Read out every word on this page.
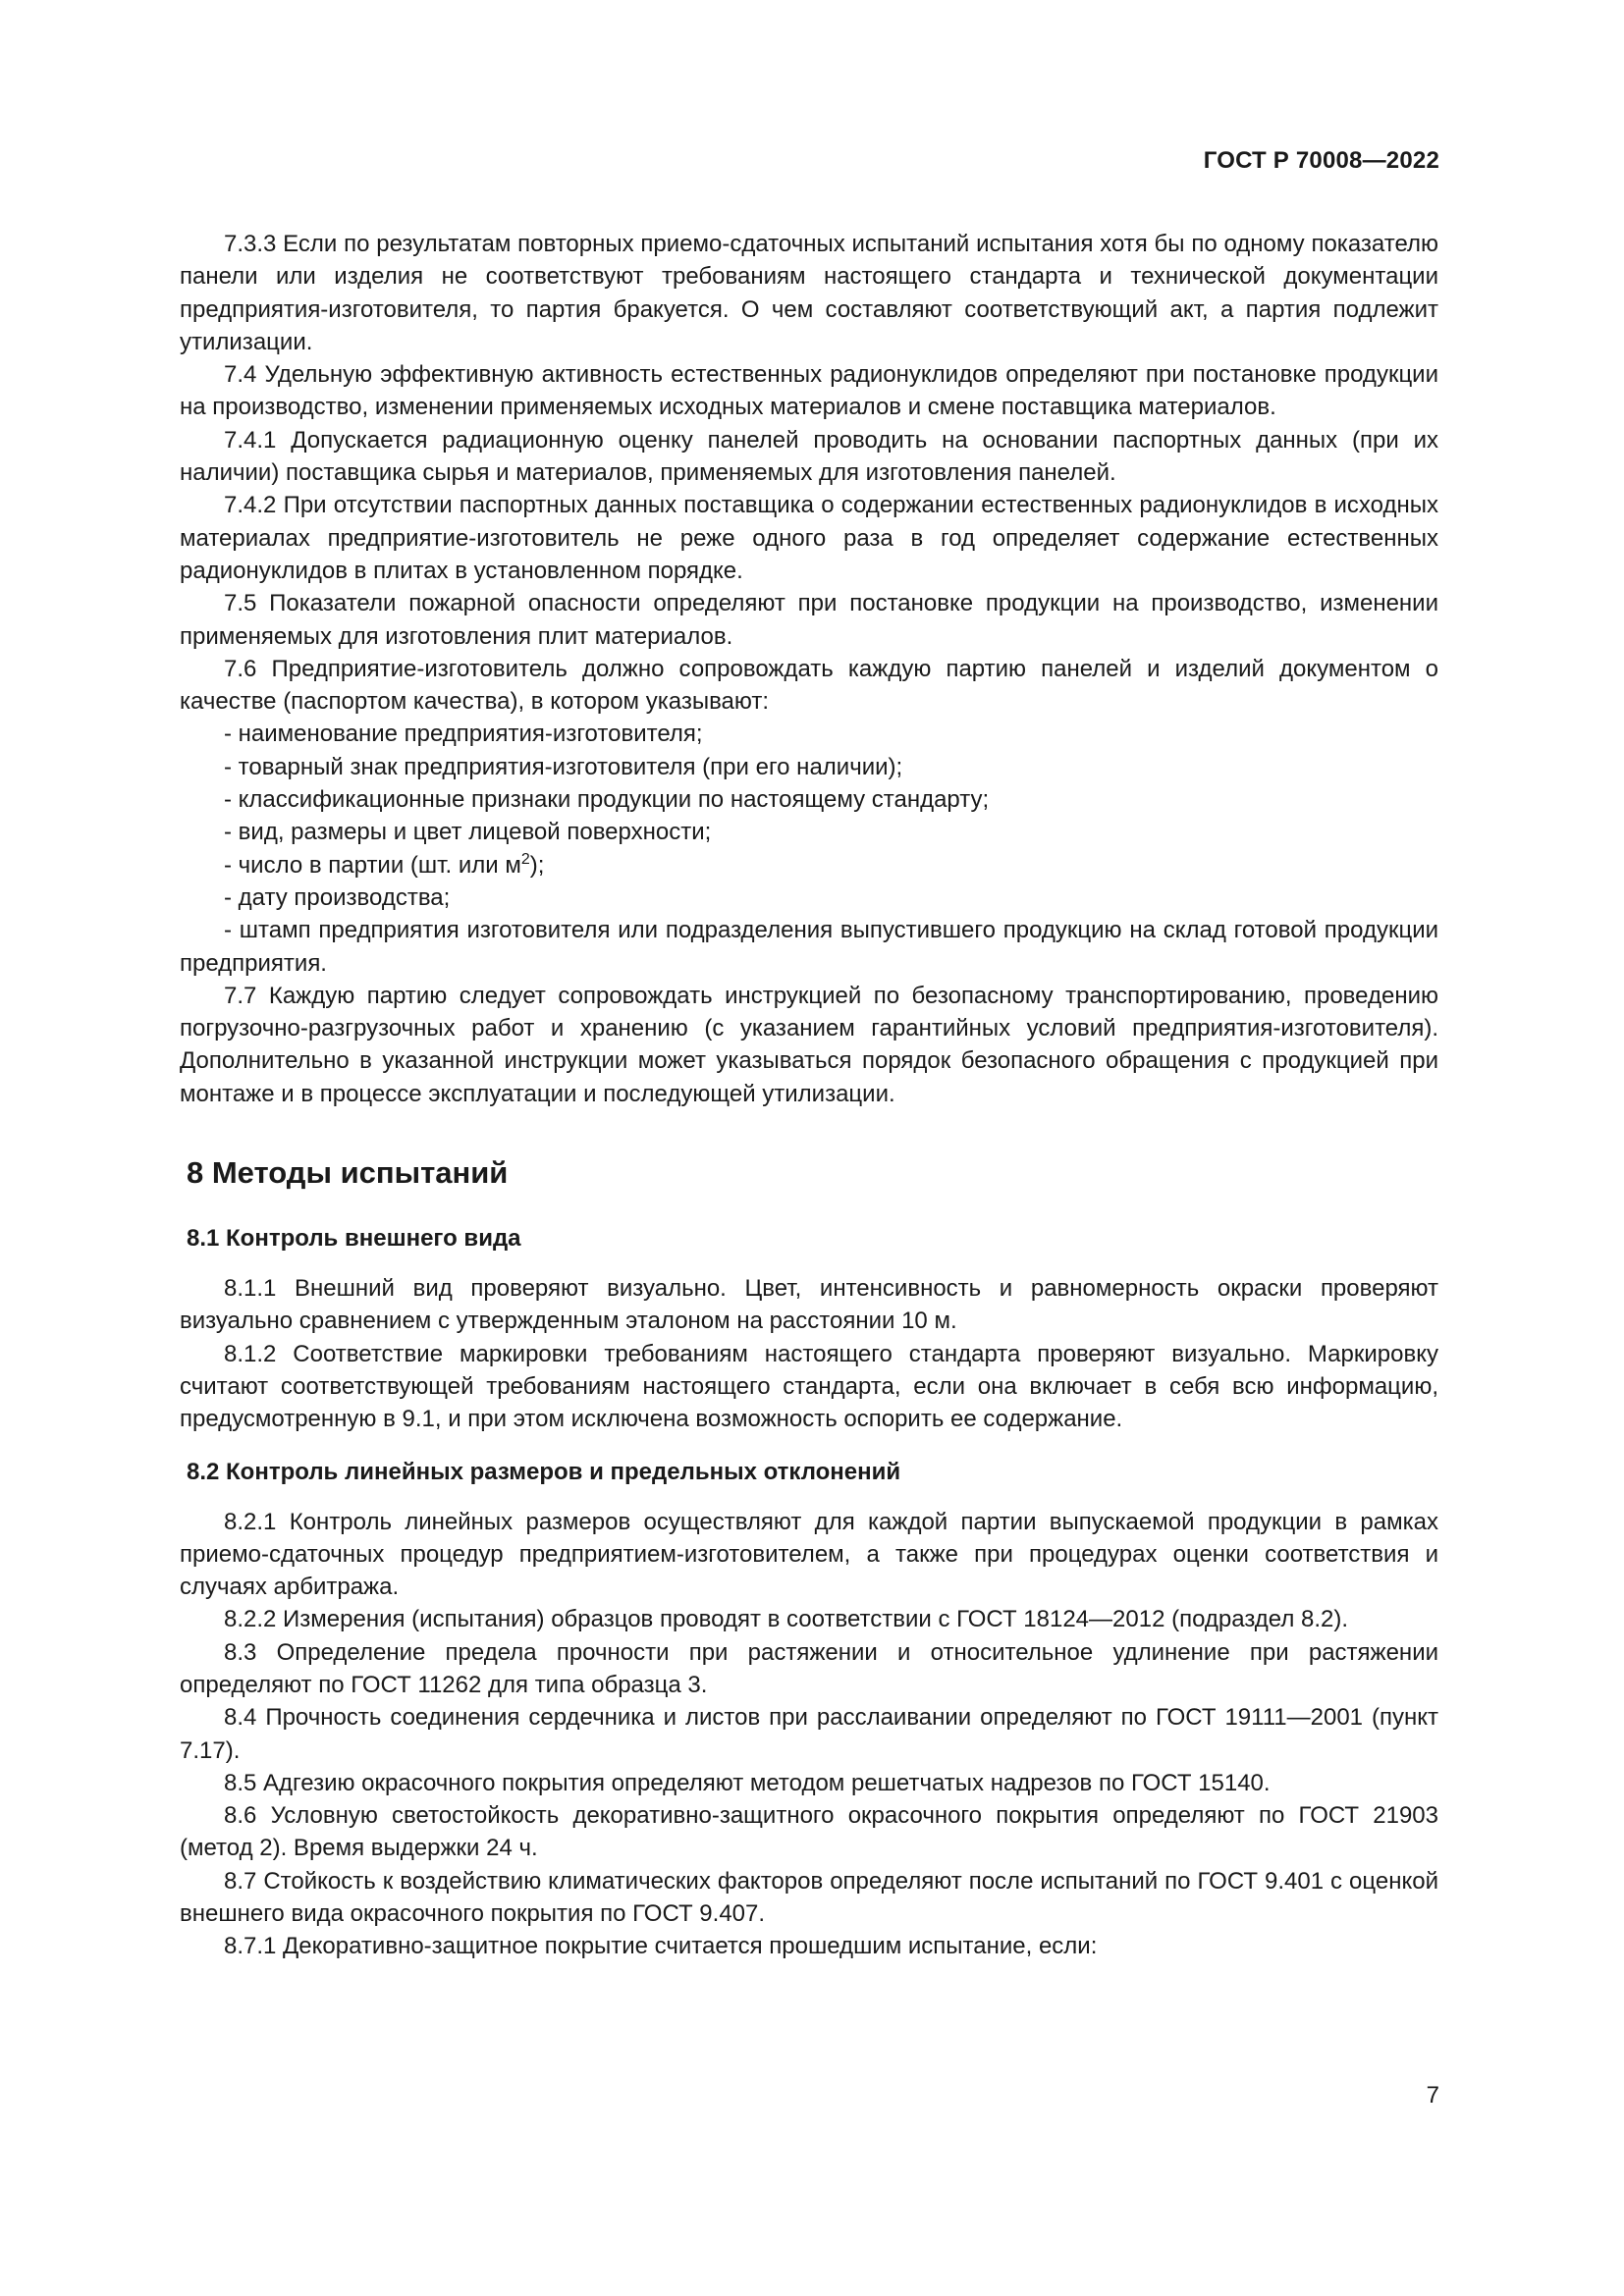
ГОСТ Р 70008—2022

7.3.3 Если по результатам повторных приемо-сдаточных испытаний испытания хотя бы по одному показателю панели или изделия не соответствуют требованиям настоящего стандарта и технической документации предприятия-изготовителя, то партия бракуется. О чем составляют соответствующий акт, а партия подлежит утилизации.

7.4 Удельную эффективную активность естественных радионуклидов определяют при постановке продукции на производство, изменении применяемых исходных материалов и смене поставщика материалов.

7.4.1 Допускается радиационную оценку панелей проводить на основании паспортных данных (при их наличии) поставщика сырья и материалов, применяемых для изготовления панелей.

7.4.2 При отсутствии паспортных данных поставщика о содержании естественных радионуклидов в исходных материалах предприятие-изготовитель не реже одного раза в год определяет содержание естественных радионуклидов в плитах в установленном порядке.

7.5 Показатели пожарной опасности определяют при постановке продукции на производство, изменении применяемых для изготовления плит материалов.

7.6 Предприятие-изготовитель должно сопровождать каждую партию панелей и изделий документом о качестве (паспортом качества), в котором указывают:

- наименование предприятия-изготовителя;

- товарный знак предприятия-изготовителя (при его наличии);

- классификационные признаки продукции по настоящему стандарту;

- вид, размеры и цвет лицевой поверхности;

- число в партии (шт. или $м^2$);

- дату производства;

- штамп предприятия изготовителя или подразделения выпустившего продукцию на склад готовой продукции предприятия.

7.7 Каждую партию следует сопровождать инструкцией по безопасному транспортированию, проведению погрузочно-разгрузочных работ и хранению (с указанием гарантийных условий предприятия-изготовителя). Дополнительно в указанной инструкции может указываться порядок безопасного обращения с продукцией при монтаже и в процессе эксплуатации и последующей утилизации.

8 Методы испытаний
8.1 Контроль внешнего вида

8.1.1 Внешний вид проверяют визуально. Цвет, интенсивность и равномерность окраски проверяют визуально сравнением с утвержденным эталоном на расстоянии 10 м.

8.1.2 Соответствие маркировки требованиям настоящего стандарта проверяют визуально. Маркировку считают соответствующей требованиям настоящего стандарта, если она включает в себя всю информацию, предусмотренную в 9.1, и при этом исключена возможность оспорить ее содержание.

8.2 Контроль линейных размеров и предельных отклонений

8.2.1 Контроль линейных размеров осуществляют для каждой партии выпускаемой продукции в рамках приемо-сдаточных процедур предприятием-изготовителем, а также при процедурах оценки соответствия и случаях арбитража.

8.2.2 Измерения (испытания) образцов проводят в соответствии с ГОСТ 18124—2012 (подраздел 8.2).

8.3 Определение предела прочности при растяжении и относительное удлинение при растяжении определяют по ГОСТ 11262 для типа образца 3.

8.4 Прочность соединения сердечника и листов при расслаивании определяют по ГОСТ 19111—2001 (пункт 7.17).

8.5 Адгезию окрасочного покрытия определяют методом решетчатых надрезов по ГОСТ 15140.

8.6 Условную светостойкость декоративно-защитного окрасочного покрытия определяют по ГОСТ 21903 (метод 2). Время выдержки 24 ч.

8.7 Стойкость к воздействию климатических факторов определяют после испытаний по ГОСТ 9.401 с оценкой внешнего вида окрасочного покрытия по ГОСТ 9.407.

8.7.1 Декоративно-защитное покрытие считается прошедшим испытание, если:

7
